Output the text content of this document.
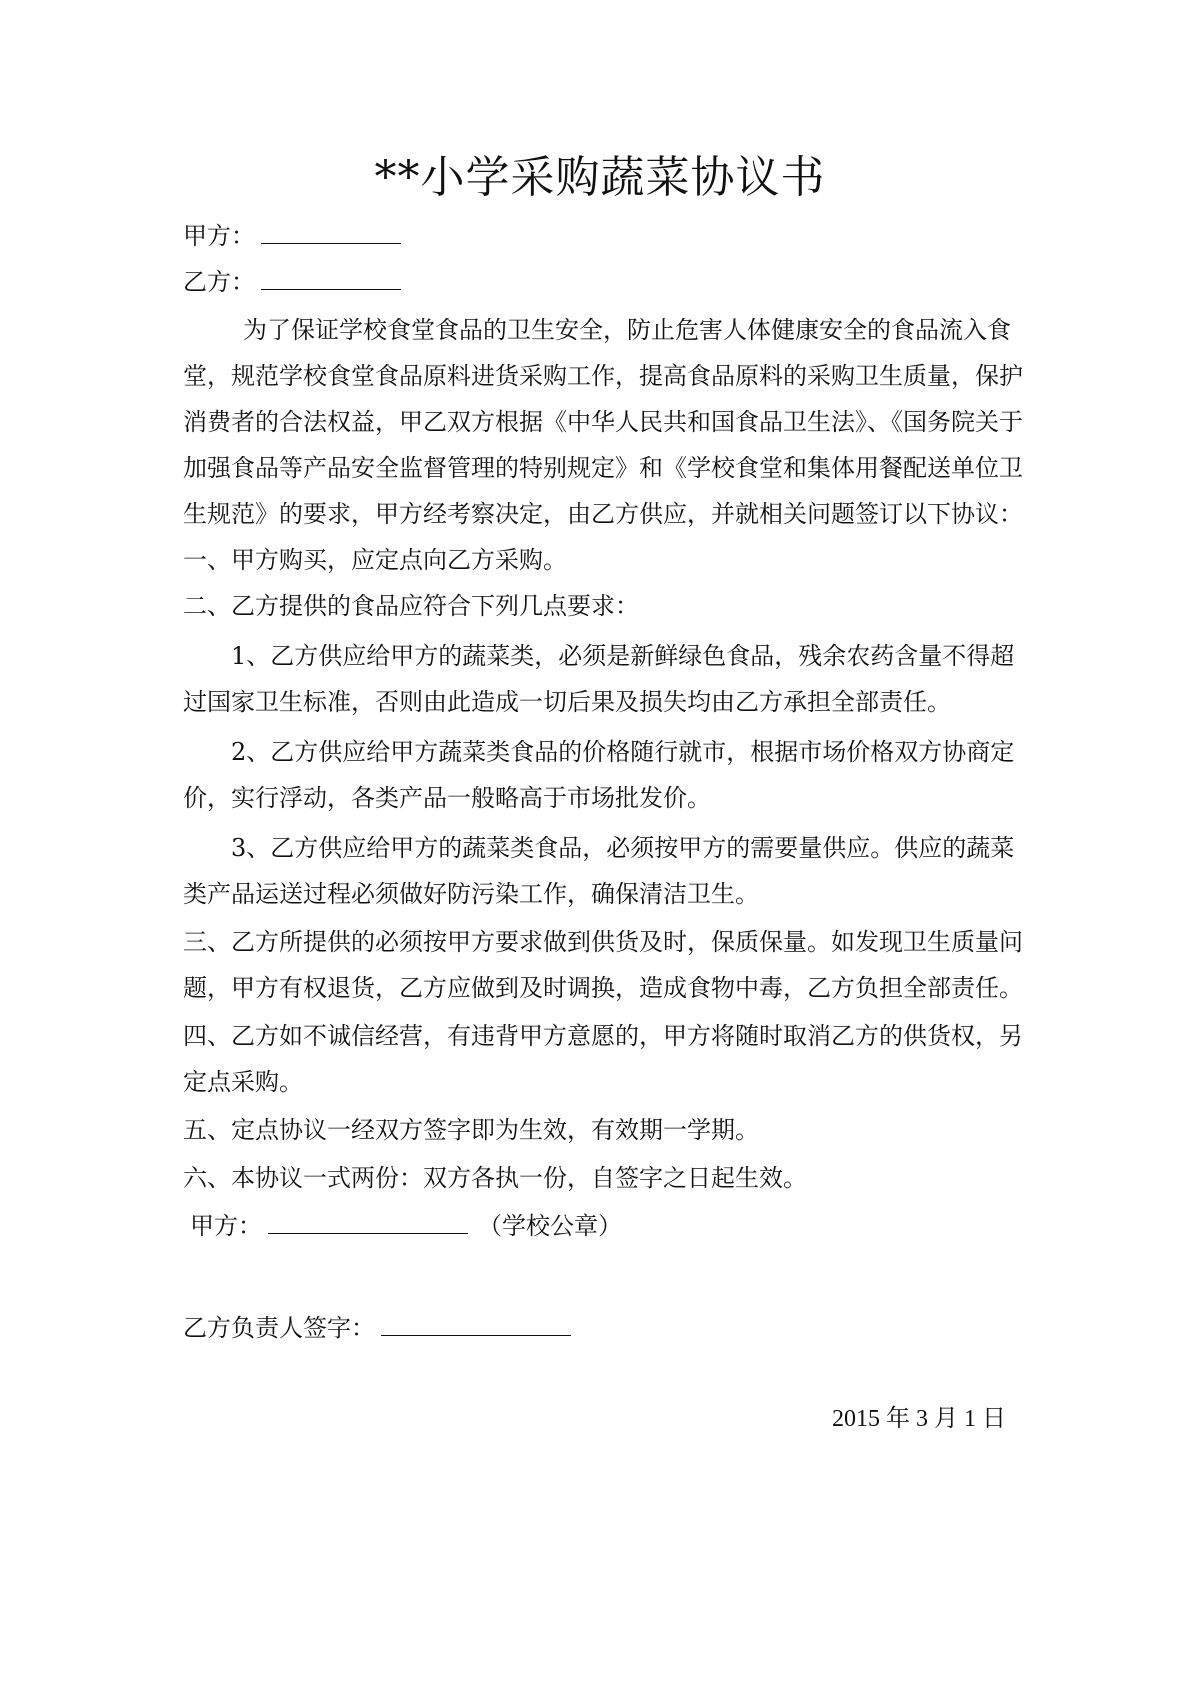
**小学采购蔬菜协议书
甲方：
乙方：
为了保证学校食堂食品的卫生安全，防止危害人体健康安全的食品流入食
堂，规范学校食堂食品原料进货采购工作，提高食品原料的采购卫生质量，保护
消费者的合法权益，甲乙双方根据《中华人民共和国食品卫生法》、《国务院关于
加强食品等产品安全监督管理的特别规定》和《学校食堂和集体用餐配送单位卫
生规范》的要求，甲方经考察决定，由乙方供应，并就相关问题签订以下协议：
一、甲方购买，应定点向乙方采购。
二、乙方提供的食品应符合下列几点要求：
1、乙方供应给甲方的蔬菜类，必须是新鲜绿色食品，残余农药含量不得超
过国家卫生标准，否则由此造成一切后果及损失均由乙方承担全部责任。
2、乙方供应给甲方蔬菜类食品的价格随行就市，根据市场价格双方协商定
价，实行浮动，各类产品一般略高于市场批发价。
3、乙方供应给甲方的蔬菜类食品，必须按甲方的需要量供应。供应的蔬菜
类产品运送过程必须做好防污染工作，确保清洁卫生。
三、乙方所提供的必须按甲方要求做到供货及时，保质保量。如发现卫生质量问
题，甲方有权退货，乙方应做到及时调换，造成食物中毒，乙方负担全部责任。
四、乙方如不诚信经营，有违背甲方意愿的，甲方将随时取消乙方的供货权，另
定点采购。
五、定点协议一经双方签字即为生效，有效期一学期。
六、本协议一式两份：双方各执一份，自签字之日起生效。
甲方：	（学校公章）
乙方负责人签字：
2015 年 3 月 1 日
